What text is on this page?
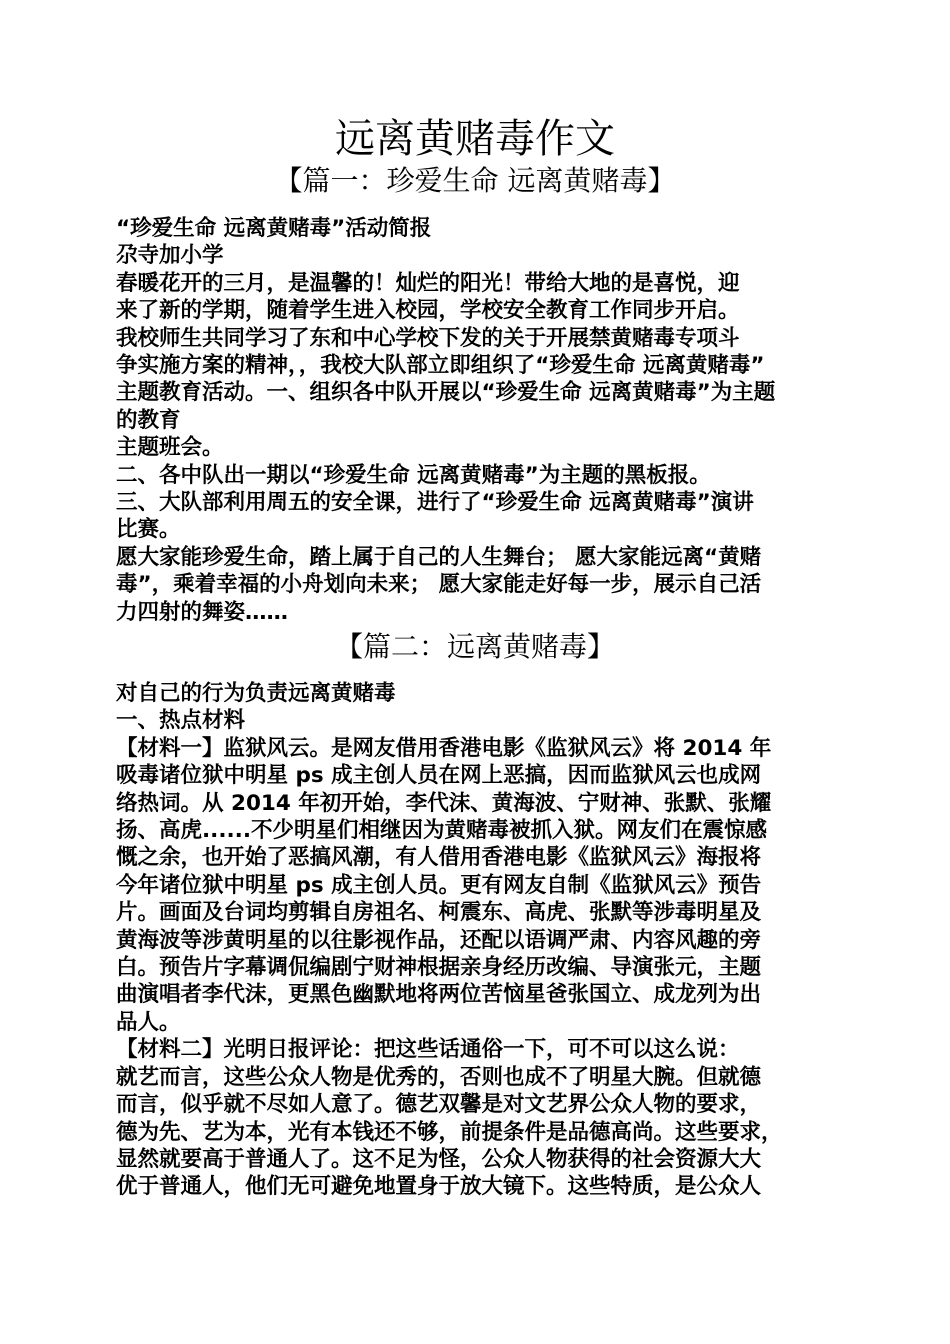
远离黄赌毒作文
【篇一：珍爱生命 远离黄赌毒】

“珍爱生命 远离黄赌毒”活动简报

尕寺加小学

春暖花开的三月，是温馨的！灿烂的阳光！带给大地的是喜悦，迎

来了新的学期，随着学生进入校园，学校安全教育工作同步开启。

我校师生共同学习了东和中心学校下发的关于开展禁黄赌毒专项斗

争实施方案的精神，，我校大队部立即组织了“珍爱生命 远离黄赌毒”

主题教育活动。一、组织各中队开展以“珍爱生命 远离黄赌毒”为主题

的教育

主题班会。

二、各中队出一期以“珍爱生命 远离黄赌毒”为主题的黑板报。

三、大队部利用周五的安全课，进行了“珍爱生命 远离黄赌毒”演讲

比赛。

愿大家能珍爱生命，踏上属于自己的人生舞台； 愿大家能远离“黄赌

毒”，乘着幸福的小舟划向未来； 愿大家能走好每一步，展示自己活

力四射的舞姿……

【篇二：远离黄赌毒】

对自己的行为负责远离黄赌毒

一、热点材料

【材料一】监狱风云。是网友借用香港电影《监狱风云》将 2014 年

吸毒诸位狱中明星 ps 成主创人员在网上恶搞，因而监狱风云也成网

络热词。从 2014 年初开始，李代沫、黄海波、宁财神、张默、张耀

扬、高虎......不少明星们相继因为黄赌毒被抓入狱。网友们在震惊感

慨之余，也开始了恶搞风潮，有人借用香港电影《监狱风云》海报将

今年诸位狱中明星 ps 成主创人员。更有网友自制《监狱风云》预告

片。画面及台词均剪辑自房祖名、柯震东、高虎、张默等涉毒明星及

黄海波等涉黄明星的以往影视作品，还配以语调严肃、内容风趣的旁

白。预告片字幕调侃编剧宁财神根据亲身经历改编、导演张元，主题

曲演唱者李代沫，更黑色幽默地将两位苦恼星爸张国立、成龙列为出

品人。

【材料二】光明日报评论：把这些话通俗一下，可不可以这么说：

就艺而言，这些公众人物是优秀的，否则也成不了明星大腕。但就德

而言，似乎就不尽如人意了。德艺双馨是对文艺界公众人物的要求，

德为先、艺为本，光有本钱还不够，前提条件是品德高尚。这些要求，

显然就要高于普通人了。这不足为怪，公众人物获得的社会资源大大

优于普通人，他们无可避免地置身于放大镜下。这些特质，是公众人
